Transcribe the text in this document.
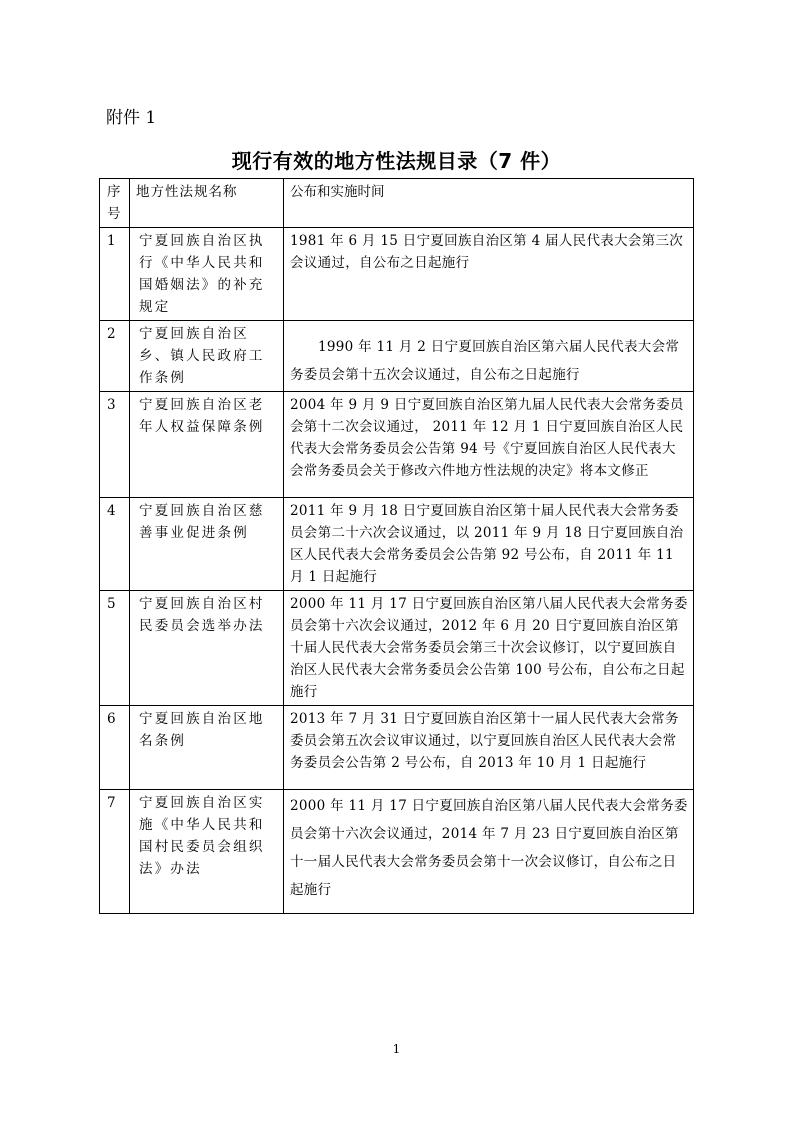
附件 1
现行有效的地方性法规目录（7 件）
序号	地方性法规名称	公布和实施时间
1	宁夏回族自治区执行《中华人民共和国婚姻法》的补充规定	1981 年 6 月 15 日宁夏回族自治区第 4 届人民代表大会第三次会议通过，自公布之日起施行
2	宁夏回族自治区乡、镇人民政府工作条例	1990 年 11 月 2 日宁夏回族自治区第六届人民代表大会常务委员会第十五次会议通过，自公布之日起施行
3	宁夏回族自治区老年人权益保障条例	2004 年 9 月 9 日宁夏回族自治区第九届人民代表大会常务委员会第十二次会议通过， 2011 年 12 月 1 日宁夏回族自治区人民代表大会常务委员会公告第 94 号《宁夏回族自治区人民代表大会常务委员会关于修改六件地方性法规的决定》将本文修正
4	宁夏回族自治区慈善事业促进条例	2011 年 9 月 18 日宁夏回族自治区第十届人民代表大会常务委员会第二十六次会议通过，以 2011 年 9 月 18 日宁夏回族自治区人民代表大会常务委员会公告第 92 号公布，自 2011 年 11 月 1 日起施行
5	宁夏回族自治区村民委员会选举办法	2000 年 11 月 17 日宁夏回族自治区第八届人民代表大会常务委员会第十六次会议通过，2012 年 6 月 20 日宁夏回族自治区第十届人民代表大会常务委员会第三十次会议修订，以宁夏回族自治区人民代表大会常务委员会公告第 100 号公布，自公布之日起施行
6	宁夏回族自治区地名条例	2013 年 7 月 31 日宁夏回族自治区第十一届人民代表大会常务委员会第五次会议审议通过，以宁夏回族自治区人民代表大会常务委员会公告第 2 号公布，自 2013 年 10 月 1 日起施行
7	宁夏回族自治区实施《中华人民共和国村民委员会组织法》办法	2000 年 11 月 17 日宁夏回族自治区第八届人民代表大会常务委员会第十六次会议通过，2014 年 7 月 23 日宁夏回族自治区第十一届人民代表大会常务委员会第十一次会议修订，自公布之日起施行
1
